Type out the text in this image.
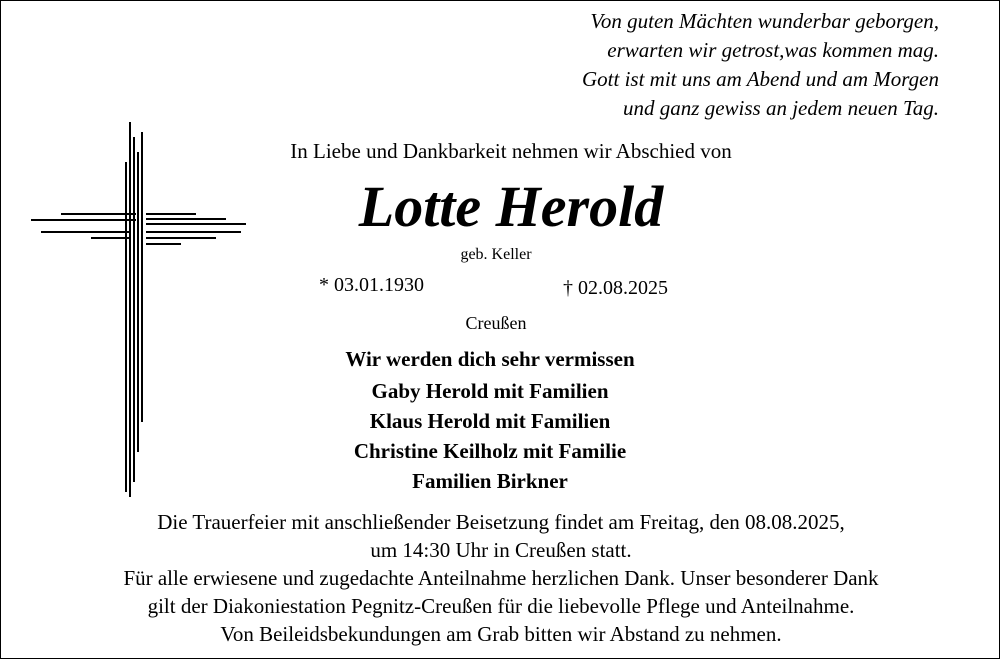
Von guten Mächten wunderbar geborgen,
erwarten wir getrost,was kommen mag.
Gott ist mit uns am Abend und am Morgen
und ganz gewiss an jedem neuen Tag.
In Liebe und Dankbarkeit nehmen wir Abschied von
Lotte Herold
geb. Keller
* 03.01.1930	† 02.08.2025
Creußen
Wir werden dich sehr vermissen
Gaby Herold mit Familien
Klaus Herold mit Familien
Christine Keilholz mit Familie
Familien Birkner
Die Trauerfeier mit anschließender Beisetzung findet am Freitag, den 08.08.2025,
um 14:30 Uhr in Creußen statt.
Für alle erwiesene und zugedachte Anteilnahme herzlichen Dank. Unser besonderer Dank
gilt der Diakoniestation Pegnitz-Creußen für die liebevolle Pflege und Anteilnahme.
Von Beileidsbekundungen am Grab bitten wir Abstand zu nehmen.
